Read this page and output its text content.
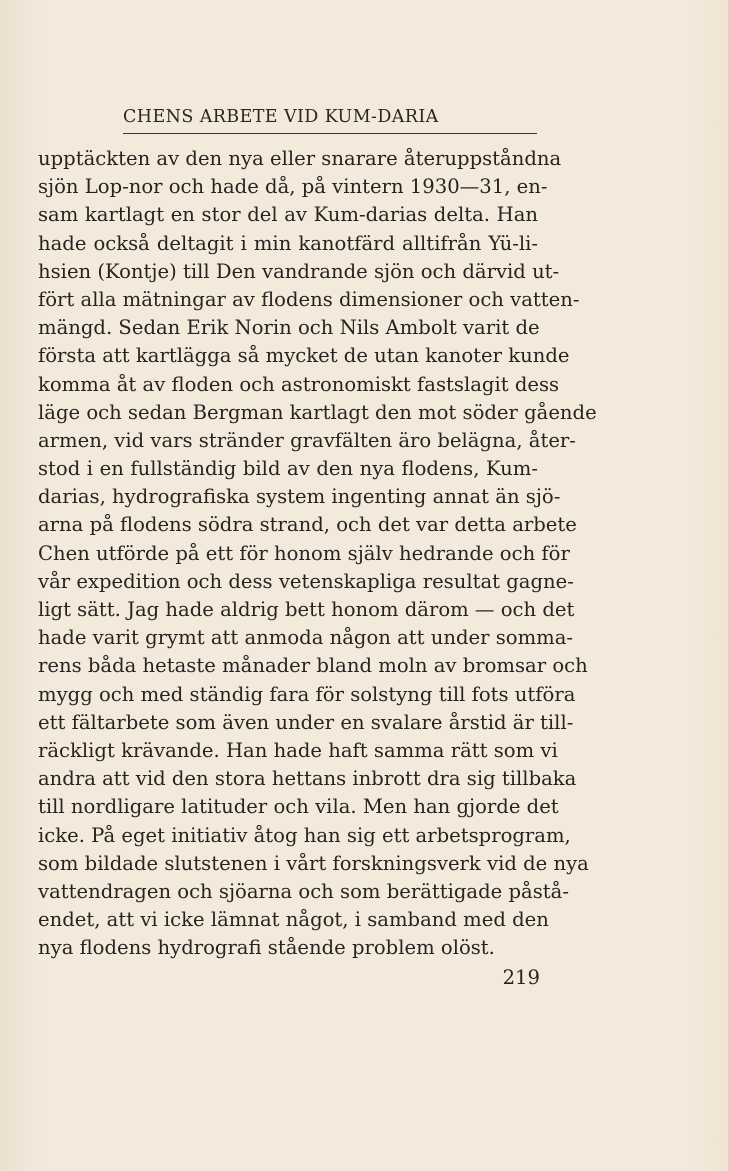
CHENS ARBETE VID KUM-DARIA
upptäckten av den nya eller snarare återuppståndna
sjön Lop-nor och hade då, på vintern 1930—31, en-
sam kartlagt en stor del av Kum-darias delta. Han
hade också deltagit i min kanotfärd alltifrån Yü-li-
hsien (Kontje) till Den vandrande sjön och därvid ut-
fört alla mätningar av flodens dimensioner och vatten-
mängd. Sedan Erik Norin och Nils Ambolt varit de
första att kartlägga så mycket de utan kanoter kunde
komma åt av floden och astronomiskt fastslagit dess
läge och sedan Bergman kartlagt den mot söder gående
armen, vid vars stränder gravfälten äro belägna, åter-
stod i en fullständig bild av den nya flodens, Kum-
darias, hydrografiska system ingenting annat än sjö-
arna på flodens södra strand, och det var detta arbete
Chen utförde på ett för honom själv hedrande och för
vår expedition och dess vetenskapliga resultat gagne-
ligt sätt. Jag hade aldrig bett honom därom — och det
hade varit grymt att anmoda någon att under somma-
rens båda hetaste månader bland moln av bromsar och
mygg och med ständig fara för solstyng till fots utföra
ett fältarbete som även under en svalare årstid är till-
räckligt krävande. Han hade haft samma rätt som vi
andra att vid den stora hettans inbrott dra sig tillbaka
till nordligare latituder och vila. Men han gjorde det
icke. På eget initiativ åtog han sig ett arbetsprogram,
som bildade slutstenen i vårt forskningsverk vid de nya
vattendragen och sjöarna och som berättigade påstå-
endet, att vi icke lämnat något, i samband med den
nya flodens hydrografi stående problem olöst.
219
